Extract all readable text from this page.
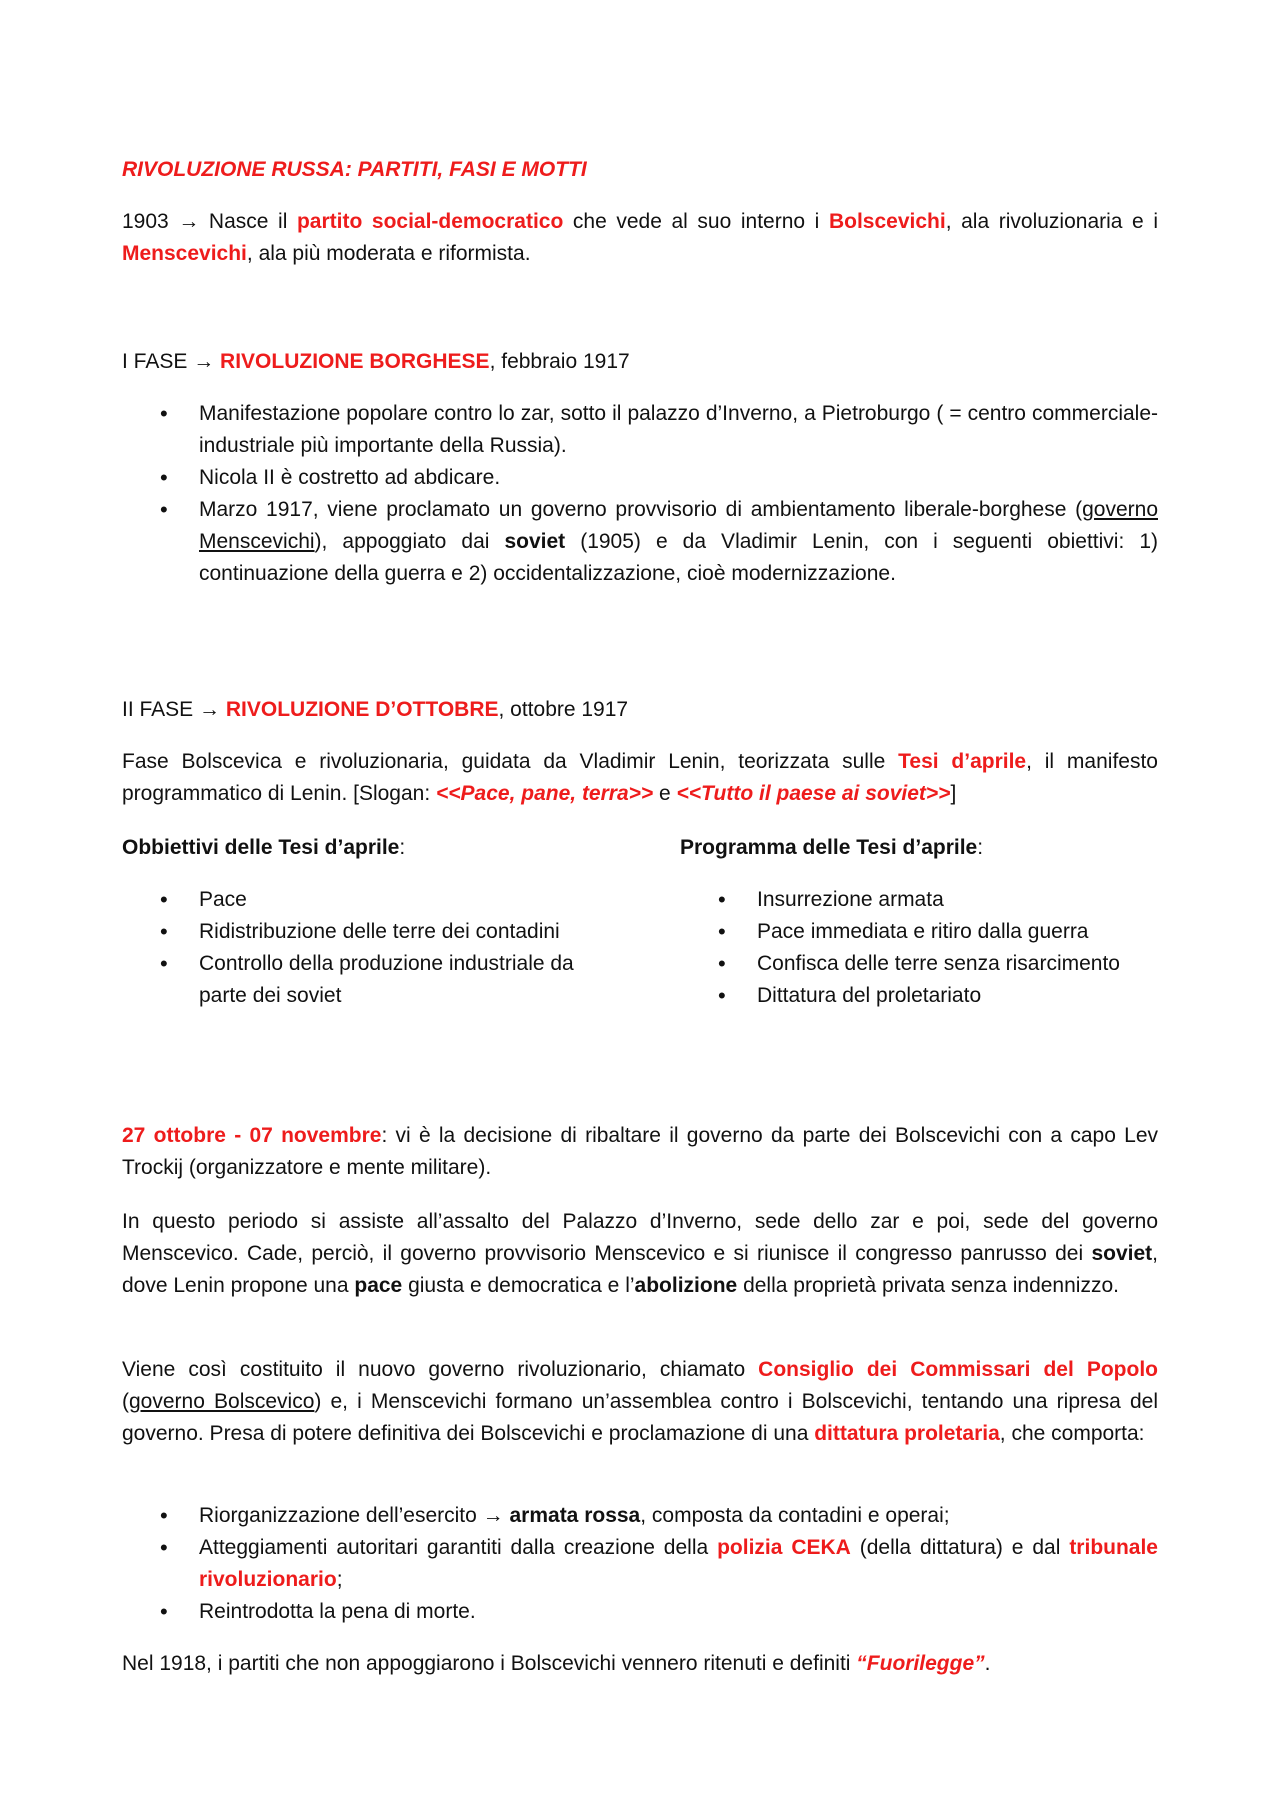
RIVOLUZIONE RUSSA: PARTITI, FASI E MOTTI

1903 → Nasce il partito social-democratico che vede al suo interno i Bolscevichi, ala rivoluzionaria e i Menscevichi, ala più moderata e riformista.

I FASE → RIVOLUZIONE BORGHESE, febbraio 1917

• Manifestazione popolare contro lo zar, sotto il palazzo d’Inverno, a Pietroburgo ( = centro commerciale-industriale più importante della Russia).
• Nicola II è costretto ad abdicare.
• Marzo 1917, viene proclamato un governo provvisorio di ambientamento liberale-borghese (governo Menscevichi), appoggiato dai soviet (1905) e da Vladimir Lenin, con i seguenti obiettivi: 1) continuazione della guerra e 2) occidentalizzazione, cioè modernizzazione.

II FASE → RIVOLUZIONE D’OTTOBRE, ottobre 1917

Fase Bolscevica e rivoluzionaria, guidata da Vladimir Lenin, teorizzata sulle Tesi d’aprile, il manifesto programmatico di Lenin. [Slogan: <<Pace, pane, terra>> e <<Tutto il paese ai soviet>>]

Obbiettivi delle Tesi d’aprile:

• Pace
• Ridistribuzione delle terre dei contadini
• Controllo della produzione industriale da parte dei soviet

Programma delle Tesi d’aprile:

• Insurrezione armata
• Pace immediata e ritiro dalla guerra
• Confisca delle terre senza risarcimento
• Dittatura del proletariato

27 ottobre - 07 novembre: vi è la decisione di ribaltare il governo da parte dei Bolscevichi con a capo Lev Trockij (organizzatore e mente militare).

In questo periodo si assiste all’assalto del Palazzo d’Inverno, sede dello zar e poi, sede del governo Menscevico. Cade, perciò, il governo provvisorio Menscevico e si riunisce il congresso panrusso dei soviet, dove Lenin propone una pace giusta e democratica e l’abolizione della proprietà privata senza indennizzo.

Viene così costituito il nuovo governo rivoluzionario, chiamato Consiglio dei Commissari del Popolo (governo Bolscevico) e, i Menscevichi formano un’assemblea contro i Bolscevichi, tentando una ripresa del governo. Presa di potere definitiva dei Bolscevichi e proclamazione di una dittatura proletaria, che comporta:

• Riorganizzazione dell’esercito → armata rossa, composta da contadini e operai;
• Atteggiamenti autoritari garantiti dalla creazione della polizia CEKA (della dittatura) e dal tribunale rivoluzionario;
• Reintrodotta la pena di morte.

Nel 1918, i partiti che non appoggiarono i Bolscevichi vennero ritenuti e definiti “Fuorilegge”.
